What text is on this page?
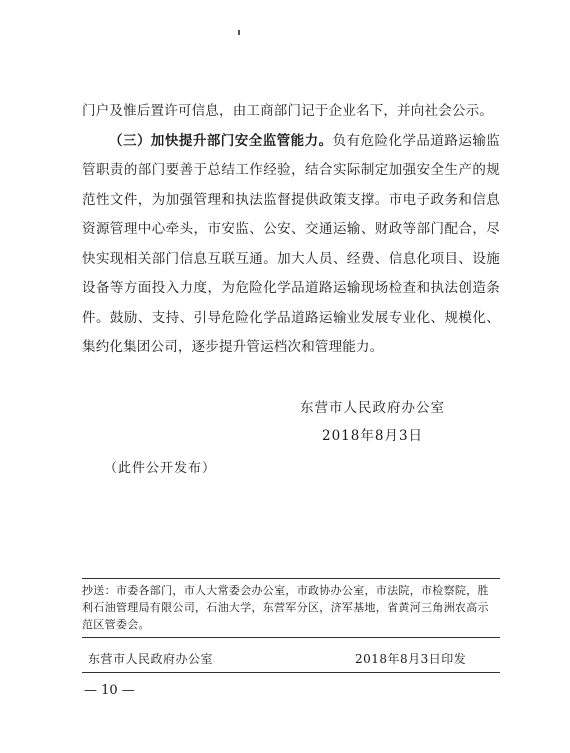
门户及惟后置许可信息，由工商部门记于企业名下，并向社会公示。

（三）加快提升部门安全监管能力。负有危险化学品道路运输监管职责的部门要善于总结工作经验，结合实际制定加强安全生产的规范性文件，为加强管理和执法监督提供政策支撑。市电子政务和信息资源管理中心牵头，市安监、公安、交通运输、财政等部门配合，尽快实现相关部门信息互联互通。加大人员、经费、信息化项目、设施设备等方面投入力度，为危险化学品道路运输现场检查和执法创造条件。鼓励、支持、引导危险化学品道路运输业发展专业化、规模化、集约化集团公司，逐步提升管运档次和管理能力。

东营市人民政府办公室
2018年8月3日
（此件公开发布）
抄送：市委各部门，市人大常委会办公室，市政协办公室，市法院，市检察院，胜利石油管理局有限公司，石油大学，东营军分区，济军基地，省黄河三角洲农高示范区管委会。
东营市人民政府办公室	2018年8月3日印发
— 10 —
